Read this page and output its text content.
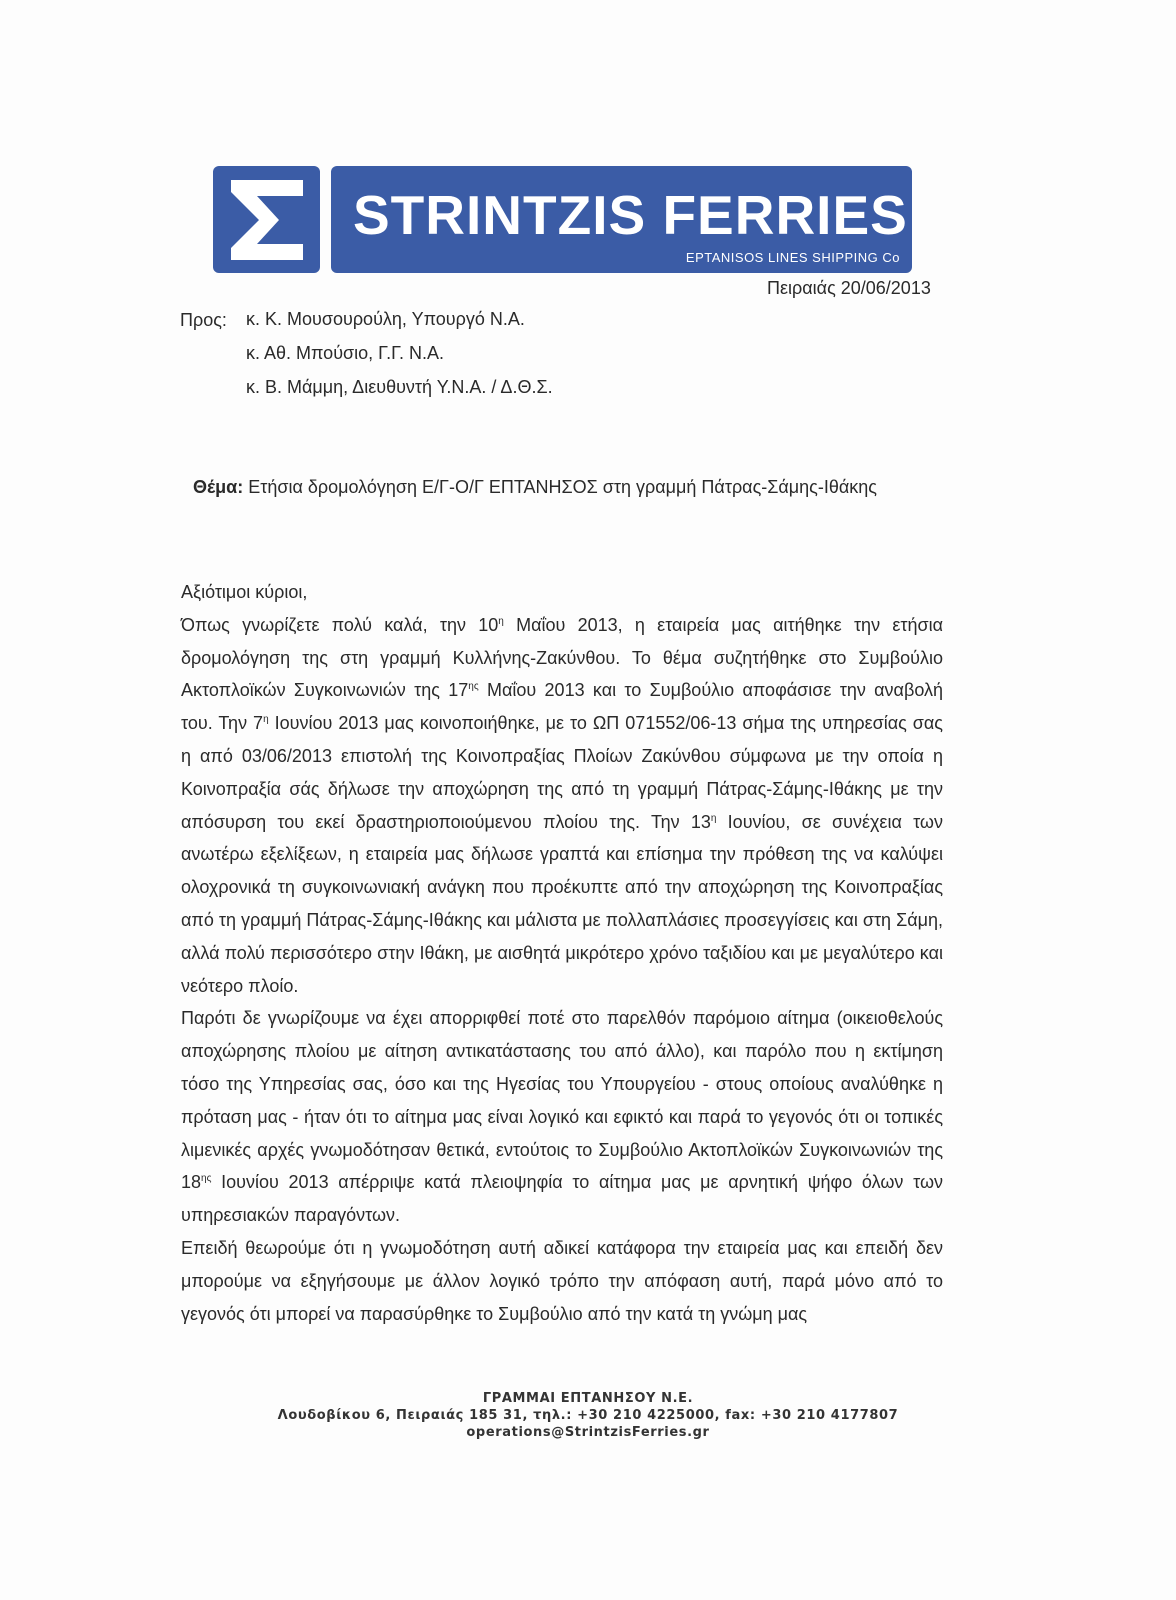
STRINTZIS FERRIES
EPTANISOS LINES SHIPPING Co
Πειραιάς 20/06/2013
Προς: κ. Κ. Μουσουρούλη, Υπουργό Ν.Α.
κ. Αθ. Μπούσιο, Γ.Γ. Ν.Α.
κ. Β. Μάμμη, Διευθυντή Υ.Ν.Α. / Δ.Θ.Σ.
Θέμα: Ετήσια δρομολόγηση Ε/Γ-Ο/Γ ΕΠΤΑΝΗΣΟΣ στη γραμμή Πάτρας-Σάμης-Ιθάκης
Αξιότιμοι κύριοι,

Όπως γνωρίζετε πολύ καλά, την $10^\eta$ Μαΐου 2013, η εταιρεία μας αιτήθηκε την ετήσια δρομολόγηση της στη γραμμή Κυλλήνης-Ζακύνθου. Το θέμα συζητήθηκε στο Συμβούλιο Ακτοπλοϊκών Συγκοινωνιών της $17^{\eta\varsigma}$ Μαΐου 2013 και το Συμβούλιο αποφάσισε την αναβολή του. Την $7^\eta$ Ιουνίου 2013 μας κοινοποιήθηκε, με το ΩΠ 071552/06-13 σήμα της υπηρεσίας σας η από 03/06/2013 επιστολή της Κοινοπραξίας Πλοίων Ζακύνθου σύμφωνα με την οποία η Κοινοπραξία σάς δήλωσε την αποχώρηση της από τη γραμμή Πάτρας-Σάμης-Ιθάκης με την απόσυρση του εκεί δραστηριοποιούμενου πλοίου της. Την $13^\eta$ Ιουνίου, σε συνέχεια των ανωτέρω εξελίξεων, η εταιρεία μας δήλωσε γραπτά και επίσημα την πρόθεση της να καλύψει ολοχρονικά τη συγκοινωνιακή ανάγκη που προέκυπτε από την αποχώρηση της Κοινοπραξίας από τη γραμμή Πάτρας-Σάμης-Ιθάκης και μάλιστα με πολλαπλάσιες προσεγγίσεις και στη Σάμη, αλλά πολύ περισσότερο στην Ιθάκη, με αισθητά μικρότερο χρόνο ταξιδίου και με μεγαλύτερο και νεότερο πλοίο.

Παρότι δε γνωρίζουμε να έχει απορριφθεί ποτέ στο παρελθόν παρόμοιο αίτημα (οικειοθελούς αποχώρησης πλοίου με αίτηση αντικατάστασης του από άλλο), και παρόλο που η εκτίμηση τόσο της Υπηρεσίας σας, όσο και της Ηγεσίας του Υπουργείου - στους οποίους αναλύθηκε η πρόταση μας - ήταν ότι το αίτημα μας είναι λογικό και εφικτό και παρά το γεγονός ότι οι τοπικές λιμενικές αρχές γνωμοδότησαν θετικά, εντούτοις το Συμβούλιο Ακτοπλοϊκών Συγκοινωνιών της $18^{\eta\varsigma}$ Ιουνίου 2013 απέρριψε κατά πλειοψηφία το αίτημα μας με αρνητική ψήφο όλων των υπηρεσιακών παραγόντων.

Επειδή θεωρούμε ότι η γνωμοδότηση αυτή αδικεί κατάφορα την εταιρεία μας και επειδή δεν μπορούμε να εξηγήσουμε με άλλον λογικό τρόπο την απόφαση αυτή, παρά μόνο από το γεγονός ότι μπορεί να παρασύρθηκε το Συμβούλιο από την κατά τη γνώμη μας

ΓΡΑΜΜΑΙ ΕΠΤΑΝΗΣΟΥ Ν.Ε.
Λουδοβίκου 6, Πειραιάς 185 31, τηλ.: +30 210 4225000, fax: +30 210 4177807
operations@StrintzisFerries.gr
